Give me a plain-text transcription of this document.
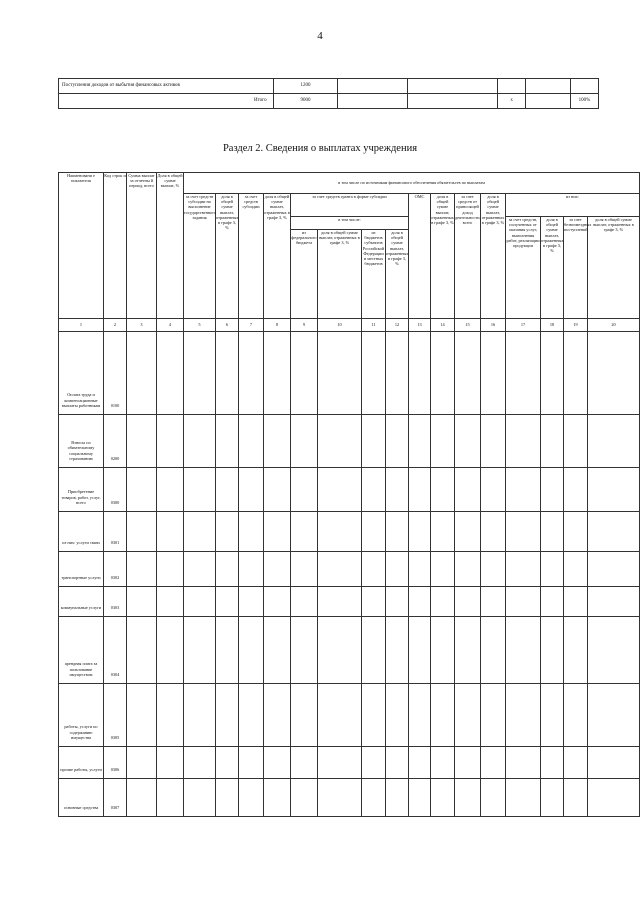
4
Поступления доходов от выбытия финансовых активов	1200					
Итого	9000			х		100%
Раздел 2. Сведения о выплатах учреждения
Наименовани е показателя	Код строк и	Сумма выплат за отчетны й период, всего	Доля в общей сумме выплат, %	в том числе по источникам финансового обеспечения обязательств по выплатам															
				за счет средств субсидии на выполнение государственного задания	доля в общей сумме выплат, отраженных в графе 3, %	за счет средств субсидии	доля в общей сумме выплат, отраженных в графе 3, %	за счет средств гранта в форме субсидии				ОМС	доля в общей сумме выплат, отраженных в графе 3, %	за счет средств от приносящей доход деятельности, всего	доля в общей сумме выплат, отраженных в графе 3, %	из них:			
								в том числе:								за счет средств, полученных от оказания услуг, выполнения работ, реализации продукции	доля в общей сумме выплат, отраженных в графе 3, %	за счет безвозмездных поступлений	доля в общей сумме выплат, отраженных в графе 3, %
								из федерального бюджета	доля в общей сумме выплат, отраженных в графе 3, %	из бюджетов субъектов Российской Федерации и местных бюджетов	доля в общей сумме выплат, отраженных в графе 3, %								
1	2	3	4	5	6	7	8	9	10	11	12	13	14	15	16	17	18	19	20
Оплата труда и компенсационные выплаты работникам	0100																		
Взносы по обязательному социальному страхованию	0200																		
Приобретение товаров, работ, услуг, всего	0300																		
из них: услуги связи	0301																		
транспортные услуги	0302																		
коммунальные услуги	0303																		
арендная плата за пользование имуществом	0304																		
работы, услуги по содержанию имущества	0305																		
прочие работы, услуги	0306																		
основные средства	0307																		
